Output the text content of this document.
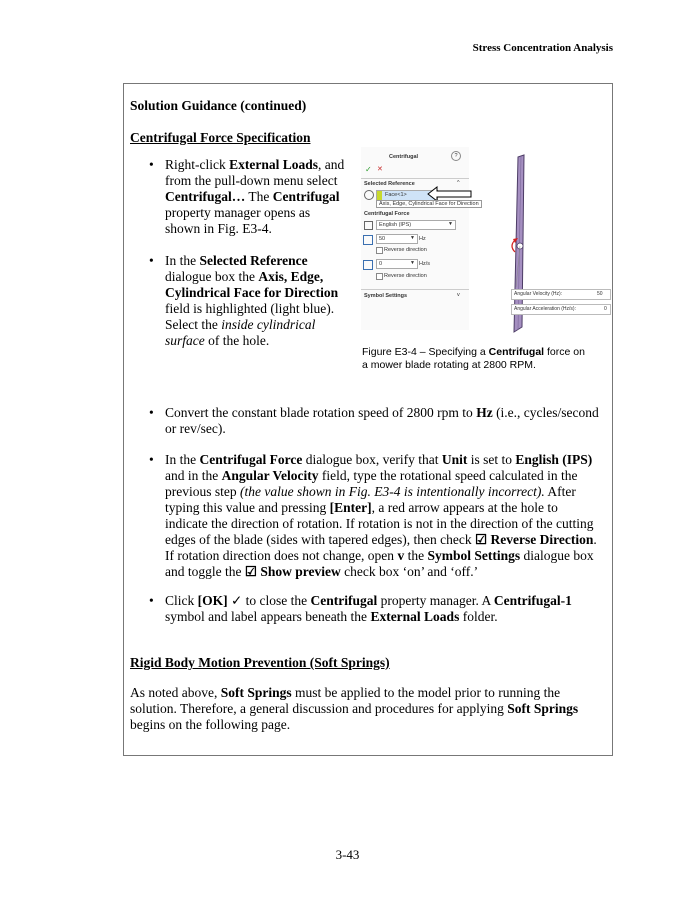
Stress Concentration Analysis
Solution Guidance (continued)
Centrifugal Force Specification
• Right-click External Loads, and
from the pull-down menu select
Centrifugal… The Centrifugal
property manager opens as
shown in Fig. E3-4.
• In the Selected Reference
dialogue box the Axis, Edge,
Cylindrical Face for Direction
field is highlighted (light blue).
Select the inside cylindrical
surface of the hole.
Centrifugal	?
✓ ✕
Selected Reference	^
Face<1>
Axis, Edge, Cylindrical Face for Direction
Centrifugal Force
English (IPS)	▼
50	▼ Hz
Reverse direction
0	▼ Hz/s
Reverse direction
Symbol Settings	v	Angular Velocity (Hz):	50
Angular Acceleration (Hz/s):	0
Figure E3-4 – Specifying a Centrifugal force on
a mower blade rotating at 2800 RPM.
• Convert the constant blade rotation speed of 2800 rpm to Hz (i.e., cycles/second
or rev/sec).
• In the Centrifugal Force dialogue box, verify that Unit is set to English (IPS)
and in the Angular Velocity field, type the rotational speed calculated in the
previous step (the value shown in Fig. E3-4 is intentionally incorrect). After
typing this value and pressing [Enter], a red arrow appears at the hole to
indicate the direction of rotation. If rotation is not in the direction of the cutting
edges of the blade (sides with tapered edges), then check ☑ Reverse Direction.
If rotation direction does not change, open v the Symbol Settings dialogue box
and toggle the ☑ Show preview check box ‘on’ and ‘off.’
• Click [OK] ✓ to close the Centrifugal property manager. A Centrifugal-1
symbol and label appears beneath the External Loads folder.
Rigid Body Motion Prevention (Soft Springs)
As noted above, Soft Springs must be applied to the model prior to running the
solution. Therefore, a general discussion and procedures for applying Soft Springs
begins on the following page.
3-43
